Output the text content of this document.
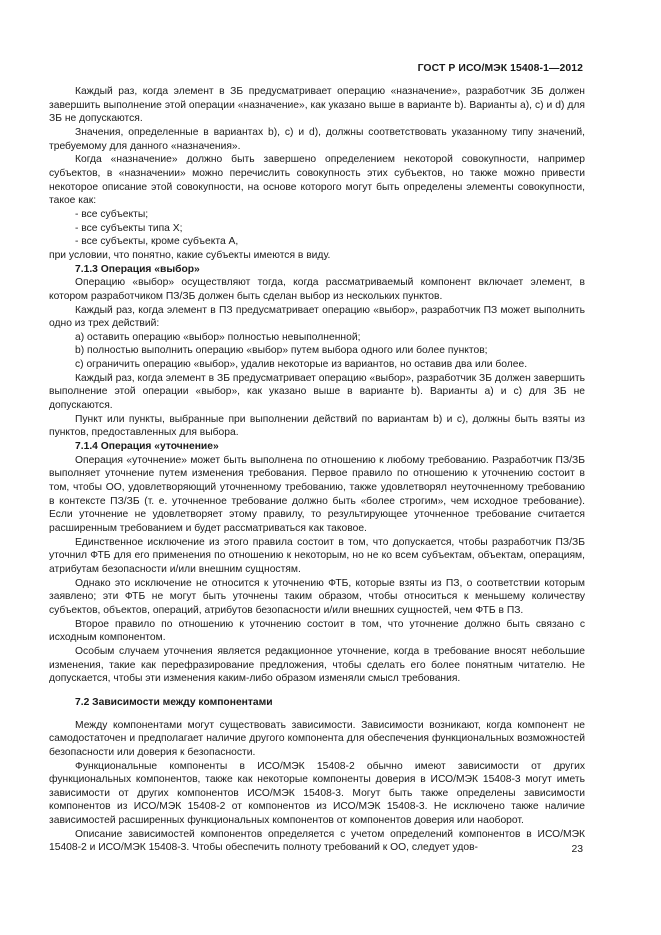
ГОСТ Р ИСО/МЭК 15408-1—2012

Каждый раз, когда элемент в ЗБ предусматривает операцию «назначение», разработчик ЗБ должен завершить выполнение этой операции «назначение», как указано выше в варианте b). Варианты a), c) и d) для ЗБ не допускаются.

Значения, определенные в вариантах b), c) и d), должны соответствовать указанному типу значений, требуемому для данного «назначения».

Когда «назначение» должно быть завершено определением некоторой совокупности, например субъектов, в «назначении» можно перечислить совокупность этих субъектов, но также можно привести некоторое описание этой совокупности, на основе которого могут быть определены элементы совокупности, такое как:

- все субъекты;

- все субъекты типа X;

- все субъекты, кроме субъекта A,

при условии, что понятно, какие субъекты имеются в виду.

7.1.3 Операция «выбор»

Операцию «выбор» осуществляют тогда, когда рассматриваемый компонент включает элемент, в котором разработчиком ПЗ/ЗБ должен быть сделан выбор из нескольких пунктов.

Каждый раз, когда элемент в ПЗ предусматривает операцию «выбор», разработчик ПЗ может выполнить одно из трех действий:

a) оставить операцию «выбор» полностью невыполненной;

b) полностью выполнить операцию «выбор» путем выбора одного или более пунктов;

c) ограничить операцию «выбор», удалив некоторые из вариантов, но оставив два или более.

Каждый раз, когда элемент в ЗБ предусматривает операцию «выбор», разработчик ЗБ должен завершить выполнение этой операции «выбор», как указано выше в варианте b). Варианты a) и c) для ЗБ не допускаются.

Пункт или пункты, выбранные при выполнении действий по вариантам b) и c), должны быть взяты из пунктов, предоставленных для выбора.

7.1.4 Операция «уточнение»

Операция «уточнение» может быть выполнена по отношению к любому требованию. Разработчик ПЗ/ЗБ выполняет уточнение путем изменения требования. Первое правило по отношению к уточнению состоит в том, чтобы ОО, удовлетворяющий уточненному требованию, также удовлетворял неуточненному требованию в контексте ПЗ/ЗБ (т. е. уточненное требование должно быть «более строгим», чем исходное требование). Если уточнение не удовлетворяет этому правилу, то результирующее уточненное требование считается расширенным требованием и будет рассматриваться как таковое.

Единственное исключение из этого правила состоит в том, что допускается, чтобы разработчик ПЗ/ЗБ уточнил ФТБ для его применения по отношению к некоторым, но не ко всем субъектам, объектам, операциям, атрибутам безопасности и/или внешним сущностям.

Однако это исключение не относится к уточнению ФТБ, которые взяты из ПЗ, о соответствии которым заявлено; эти ФТБ не могут быть уточнены таким образом, чтобы относиться к меньшему количеству субъектов, объектов, операций, атрибутов безопасности и/или внешних сущностей, чем ФТБ в ПЗ.

Второе правило по отношению к уточнению состоит в том, что уточнение должно быть связано с исходным компонентом.

Особым случаем уточнения является редакционное уточнение, когда в требование вносят небольшие изменения, такие как перефразирование предложения, чтобы сделать его более понятным читателю. Не допускается, чтобы эти изменения каким-либо образом изменяли смысл требования.

7.2 Зависимости между компонентами

Между компонентами могут существовать зависимости. Зависимости возникают, когда компонент не самодостаточен и предполагает наличие другого компонента для обеспечения функциональных возможностей безопасности или доверия к безопасности.

Функциональные компоненты в ИСО/МЭК 15408-2 обычно имеют зависимости от других функциональных компонентов, также как некоторые компоненты доверия в ИСО/МЭК 15408-3 могут иметь зависимости от других компонентов ИСО/МЭК 15408-3. Могут быть также определены зависимости компонентов из ИСО/МЭК 15408-2 от компонентов из ИСО/МЭК 15408-3. Не исключено также наличие зависимостей расширенных функциональных компонентов от компонентов доверия или наоборот.

Описание зависимостей компонентов определяется с учетом определений компонентов в ИСО/МЭК 15408-2 и ИСО/МЭК 15408-3. Чтобы обеспечить полноту требований к ОО, следует удов-	23
